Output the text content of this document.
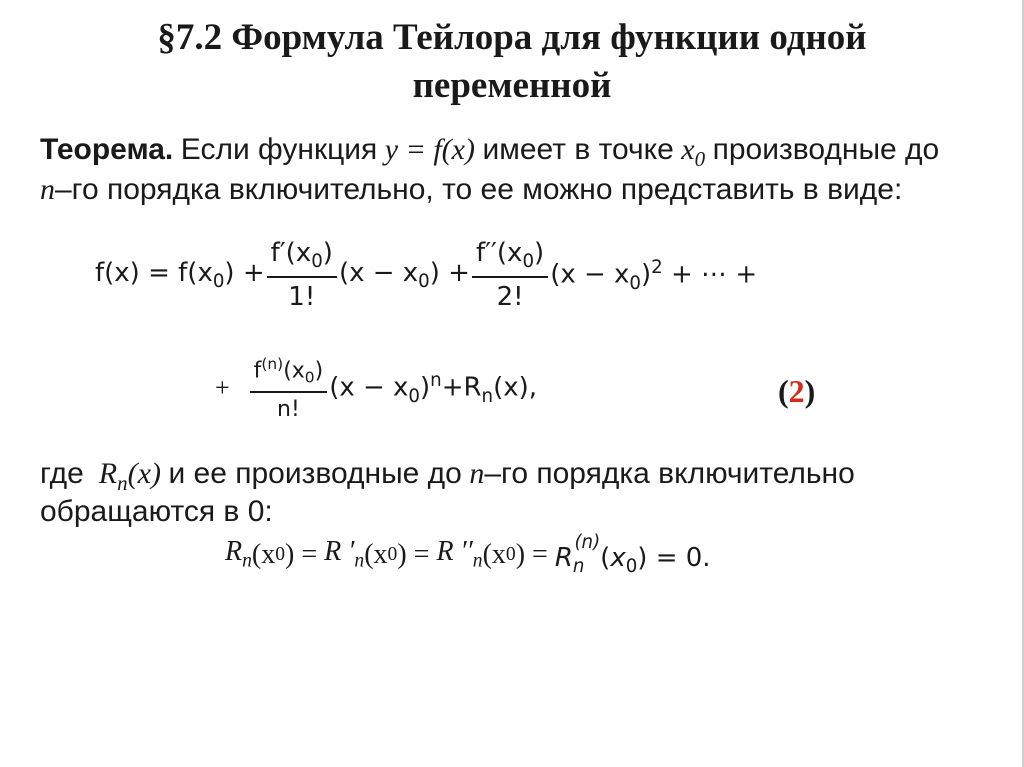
§7.2 Формула Тейлора для функции одной
переменной
Теорема. Если функция y = f(x) имеет в точке $x_0$ производные до
n–го порядка включительно, то ее можно представить в виде:
$f(x) = f(x_0) + \frac{f'(x_0)}{1!} (x - x_0) + \frac{f''(x_0)}{2!} (x - x_0)^2$ + ⋯ +
+ $\frac{f^{(n)}(x_0)}{n!} (x - x_0)^n+R_n(x)$,	(2)
где $R_n(x)$ и ее производные до n–го порядка включительно
обращаются в 0:
$R_n$ (x 0 )
=
R $'_n$ (x 0 )
=
R $''_n$ (x 0 )
=
$R_n^{(n)}(x_0) = 0$.
